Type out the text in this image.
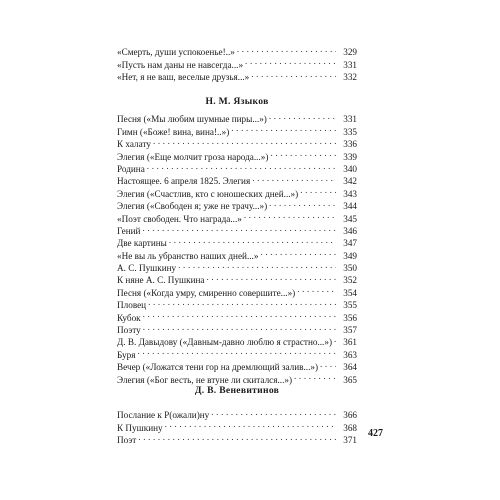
«Смерть, души успокоенье!..» . . .	329
«Пусть нам даны не навсегда...» . . .	331
«Нет, я не ваш, веселые друзья...» . . .	332
Н. М. Языков
Песня («Мы любим шумные пиры...») . . .	331
Гимн («Боже! вина, вина!..») . . .	335
К халату . . .	336
Элегия («Еще молчит гроза народа...») . . .	339
Родина . . .	340
Настоящее. 6 апреля 1825. Элегия . . .	342
Элегия («Счастлив, кто с юношеских дней...») . . .	343
Элегия («Свободен я; уже не трачу...») . . .	344
«Поэт свободен. Что награда...» . . .	345
Гений . . .	346
Две картины . . .	347
«Не вы ль убранство наших дней...» . . .	349
А. С. Пушкину . . .	350
К няне А. С. Пушкина . . .	352
Песня («Когда умру, смиренно совершите...») . . .	354
Пловец . . .	355
Кубок . . .	356
Поэту . . .	357
Д. В. Давыдову («Давным-давно люблю я страстно...») . . .	361
Буря . . .	363
Вечер («Ложатся тени гор на дремлющий залив...») . . .	364
Элегия («Бог весть, не втуне ли скитался...») . . .	365
Д. В. Веневитинов
Послание к Р(ожали)ну . . .	366
К Пушкину . . .	368
Поэт . . .	371
427
